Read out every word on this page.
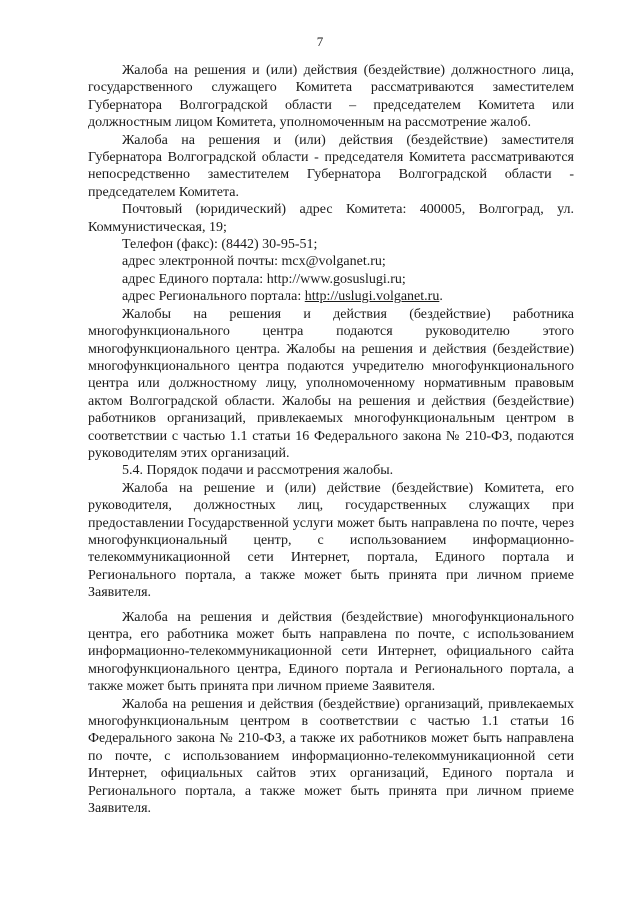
7

Жалоба на решения и (или) действия (бездействие) должностного лица, государственного служащего Комитета рассматриваются заместителем Губернатора Волгоградской области – председателем Комитета или должностным лицом Комитета, уполномоченным на рассмотрение жалоб.

Жалоба на решения и (или) действия (бездействие) заместителя Губернатора Волгоградской области - председателя Комитета рассматриваются непосредственно заместителем Губернатора Волгоградской области - председателем Комитета.

Почтовый (юридический) адрес Комитета: 400005, Волгоград, ул. Коммунистическая, 19;

Телефон (факс): (8442) 30-95-51;

адрес электронной почты: mcx@volganet.ru;

адрес Единого портала: http://www.gosuslugi.ru;

адрес Регионального портала: http://uslugi.volganet.ru.

Жалобы на решения и действия (бездействие) работника многофункционального центра подаются руководителю этого многофункционального центра. Жалобы на решения и действия (бездействие) многофункционального центра подаются учредителю многофункционального центра или должностному лицу, уполномоченному нормативным правовым актом Волгоградской области. Жалобы на решения и действия (бездействие) работников организаций, привлекаемых многофункциональным центром в соответствии с частью 1.1 статьи 16 Федерального закона № 210-ФЗ, подаются руководителям этих организаций.

5.4. Порядок подачи и рассмотрения жалобы.

Жалоба на решение и (или) действие (бездействие) Комитета, его руководителя, должностных лиц, государственных служащих при предоставлении Государственной услуги может быть направлена по почте, через многофункциональный центр, с использованием информационно-телекоммуникационной сети Интернет, портала, Единого портала и Регионального портала, а также может быть принята при личном приеме Заявителя.

Жалоба на решения и действия (бездействие) многофункционального центра, его работника может быть направлена по почте, с использованием информационно-телекоммуникационной сети Интернет, официального сайта многофункционального центра, Единого портала и Регионального портала, а также может быть принята при личном приеме Заявителя.

Жалоба на решения и действия (бездействие) организаций, привлекаемых многофункциональным центром в соответствии с частью 1.1 статьи 16 Федерального закона № 210-ФЗ, а также их работников может быть направлена по почте, с использованием информационно-телекоммуникационной сети Интернет, официальных сайтов этих организаций, Единого портала и Регионального портала, а также может быть принята при личном приеме Заявителя.
